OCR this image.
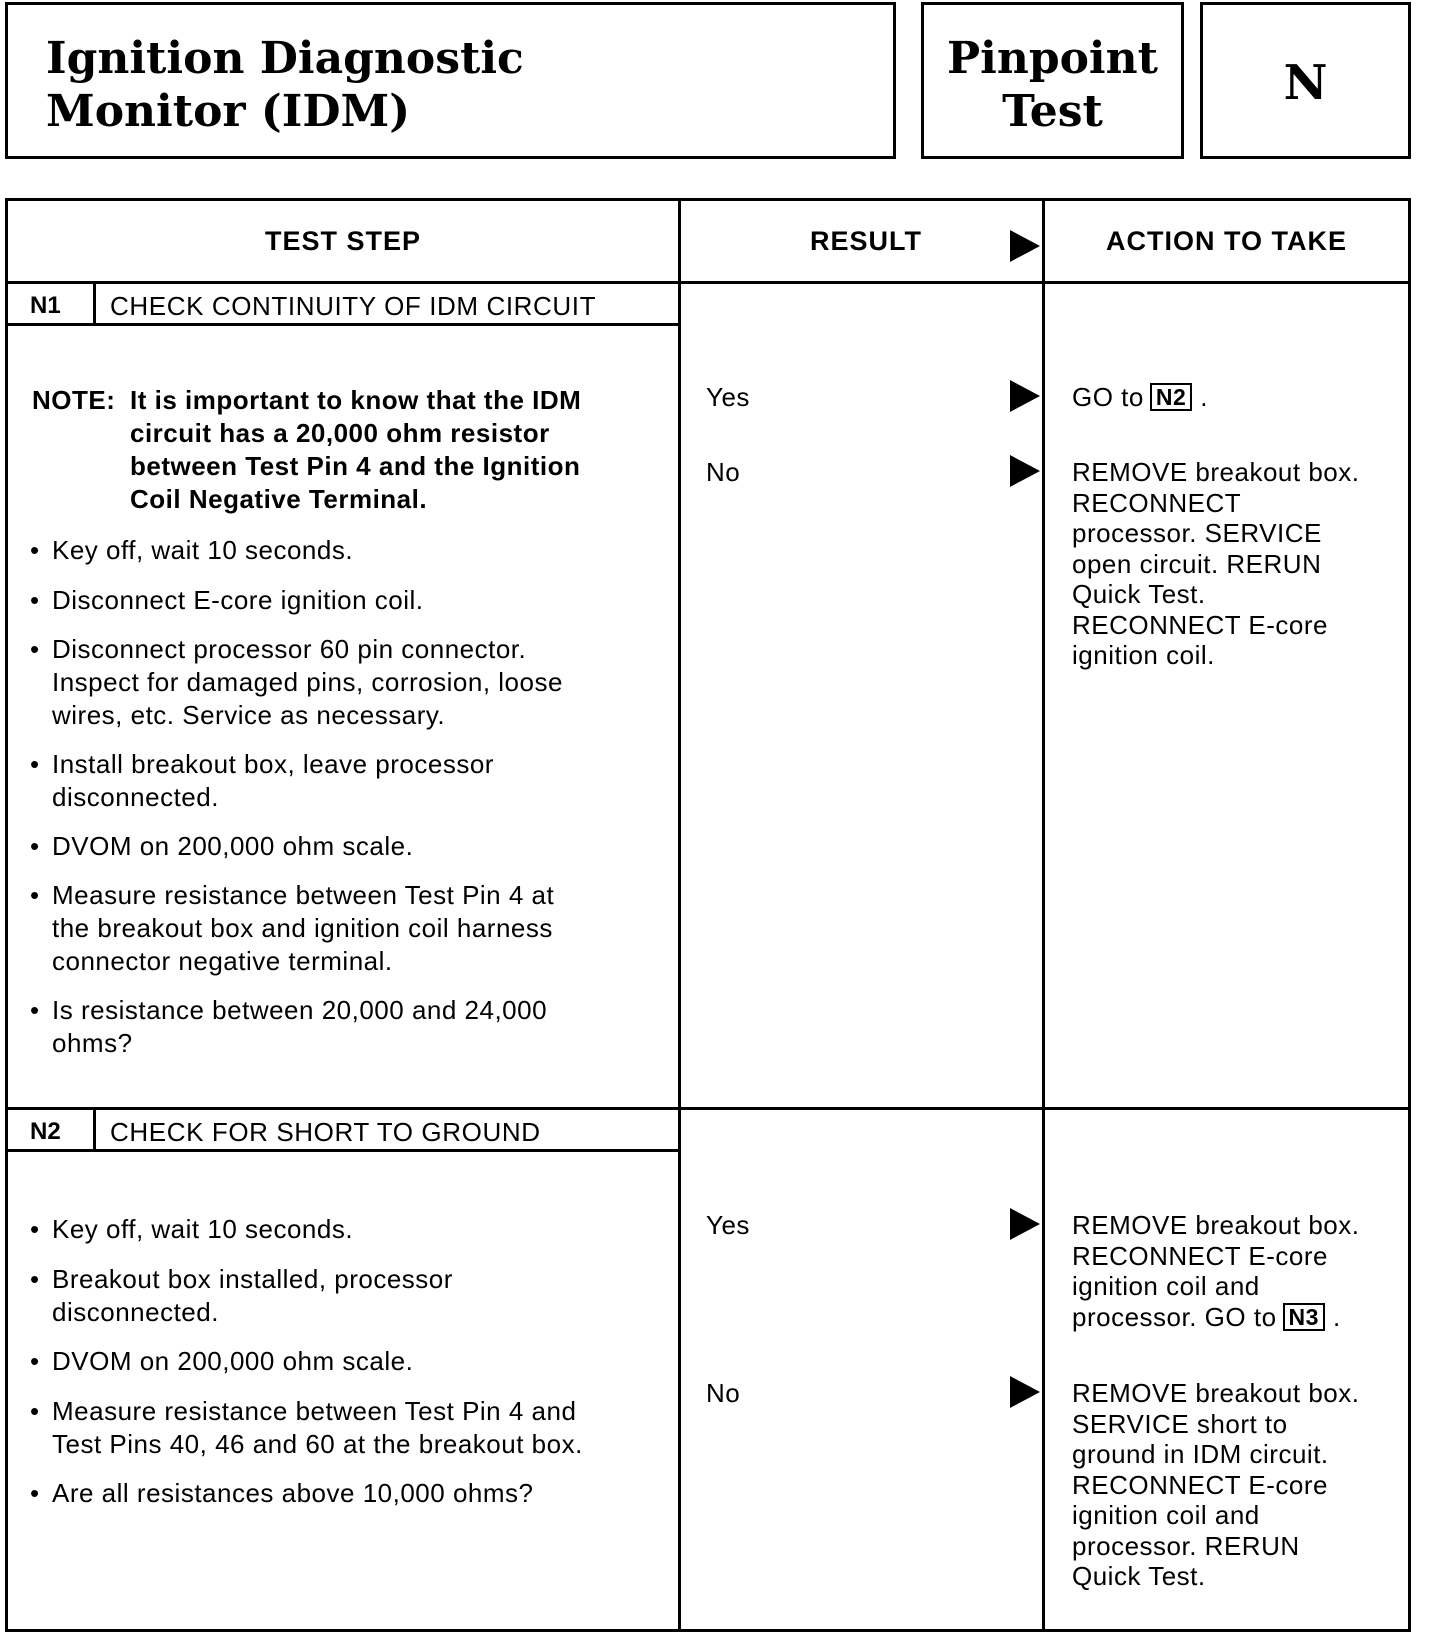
Ignition Diagnostic
Monitor (IDM)
Pinpoint
Test
N
TEST STEP	RESULT	ACTION TO TAKE
N1 CHECK CONTINUITY OF IDM CIRCUIT
NOTE: It is important to know that the IDM
circuit has a 20,000 ohm resistor
between Test Pin 4 and the Ignition
Coil Negative Terminal.
• Key off, wait 10 seconds.
• Disconnect E-core ignition coil.
• Disconnect processor 60 pin connector.
Inspect for damaged pins, corrosion, loose
wires, etc. Service as necessary.
• Install breakout box, leave processor
disconnected.
• DVOM on 200,000 ohm scale.
• Measure resistance between Test Pin 4 at
the breakout box and ignition coil harness
connector negative terminal.
• Is resistance between 20,000 and 24,000
ohms?
Yes	GO to N2 .
No	REMOVE breakout box.
RECONNECT
processor. SERVICE
open circuit. RERUN
Quick Test.
RECONNECT E-core
ignition coil.
N2 CHECK FOR SHORT TO GROUND
• Key off, wait 10 seconds.
• Breakout box installed, processor
disconnected.
• DVOM on 200,000 ohm scale.
• Measure resistance between Test Pin 4 and
Test Pins 40, 46 and 60 at the breakout box.
• Are all resistances above 10,000 ohms?
Yes	REMOVE breakout box.
RECONNECT E-core
ignition coil and
processor. GO to N3 .
No	REMOVE breakout box.
SERVICE short to
ground in IDM circuit.
RECONNECT E-core
ignition coil and
processor. RERUN
Quick Test.
